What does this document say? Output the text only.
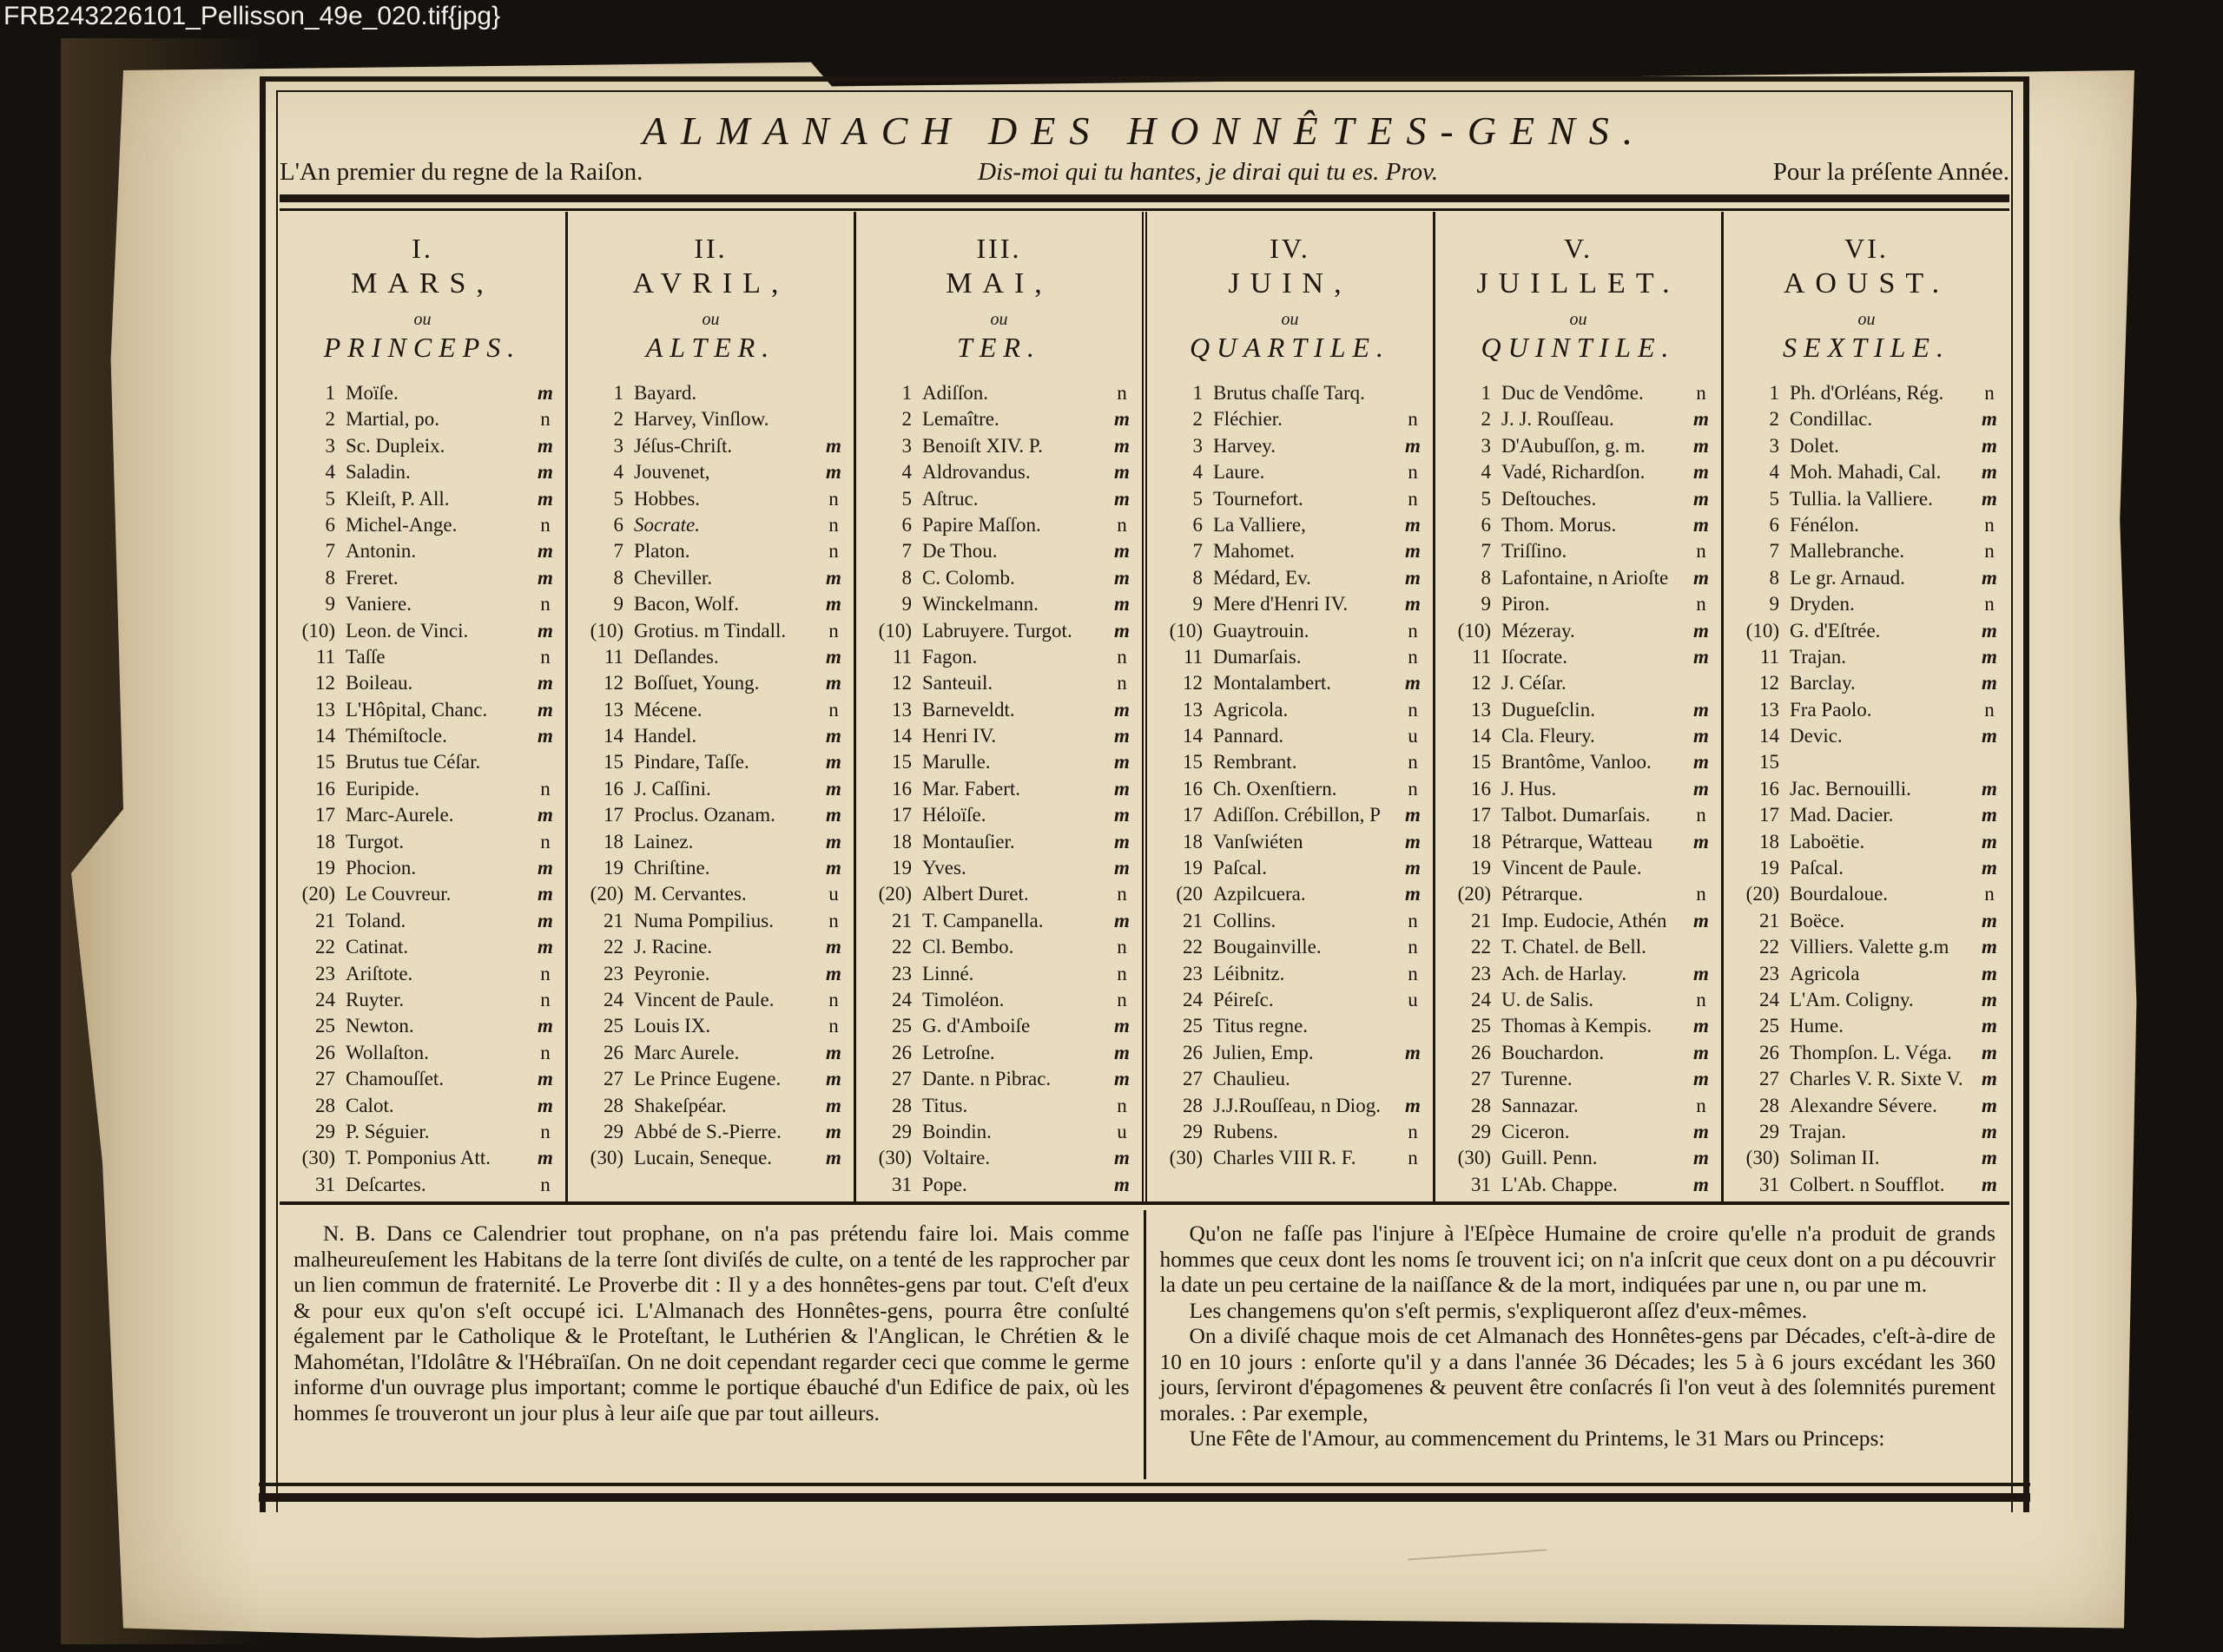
FRB243226101_Pellisson_49e_020.tif{jpg}
ALMANACH DES HONNÊTES-GENS.
L'An premier du regne de la Raiſon.	Dis-moi qui tu hantes, je dirai qui tu es. Prov.	Pour la préſente Année.
I.
MARS,
ou
PRINCEPS.
1 Moïſe.	m
2 Martial, po.	n
3 Sc. Dupleix.	m
4 Saladin.	m
5 Kleiſt, P. All.	m
6 Michel-Ange.	n
7 Antonin.	m
8 Freret.	m
9 Vaniere.	n
(10) Leon. de Vinci.	m
11 Taſſe	n
12 Boileau.	m
13 L'Hôpital, Chanc.	m
14 Thémiſtocle.	m
15 Brutus tue Céſar.
16 Euripide.	n
17 Marc-Aurele.	m
18 Turgot.	n
19 Phocion.	m
(20) Le Couvreur.	m
21 Toland.	m
22 Catinat.	m
23 Ariſtote.	n
24 Ruyter.	n
25 Newton.	m
26 Wollaſton.	n
27 Chamouſſet.	m
28 Calot.	m
29 P. Séguier.	n
(30) T. Pomponius Att.	m
31 Deſcartes.	n
II.
AVRIL,
ou
ALTER.
1 Bayard.
2 Harvey, Vinſlow.
3 Jéſus-Chriſt.	m
4 Jouvenet,	m
5 Hobbes.	n
6 Socrate.	n
7 Platon.	n
8 Cheviller.	m
9 Bacon, Wolf.	m
(10) Grotius. m Tindall.	n
11 Deſlandes.	m
12 Boſſuet, Young.	m
13 Mécene.	n
14 Handel.	m
15 Pindare, Taſſe.	m
16 J. Caſſini.	m
17 Proclus. Ozanam.	m
18 Lainez.	m
19 Chriſtine.	m
(20) M. Cervantes.	u
21 Numa Pompilius.	n
22 J. Racine.	m
23 Peyronie.	m
24 Vincent de Paule.	n
25 Louis IX.	n
26 Marc Aurele.	m
27 Le Prince Eugene.	m
28 Shakeſpéar.	m
29 Abbé de S.-Pierre.	m
(30) Lucain, Seneque.	m
III.
MAI,
ou
TER.
1 Adiſſon.	n
2 Lemaître.	m
3 Benoiſt XIV. P.	m
4 Aldrovandus.	m
5 Aſtruc.	m
6 Papire Maſſon.	n
7 De Thou.	m
8 C. Colomb.	m
9 Winckelmann.	m
(10) Labruyere. Turgot.	m
11 Fagon.	n
12 Santeuil.	n
13 Barneveldt.	m
14 Henri IV.	m
15 Marulle.	m
16 Mar. Fabert.	m
17 Héloïſe.	m
18 Montauſier.	m
19 Yves.	m
(20) Albert Duret.	n
21 T. Campanella.	m
22 Cl. Bembo.	n
23 Linné.	n
24 Timoléon.	n
25 G. d'Amboiſe	m
26 Letroſne.	m
27 Dante. n Pibrac.	m
28 Titus.	n
29 Boindin.	u
(30) Voltaire.	m
31 Pope.	m
IV.
JUIN,
ou
QUARTILE.
1 Brutus chaſſe Tarq.
2 Fléchier.	n
3 Harvey.	m
4 Laure.	n
5 Tournefort.	n
6 La Valliere,	m
7 Mahomet.	m
8 Médard, Ev.	m
9 Mere d'Henri IV.	m
(10) Guaytrouin.	n
11 Dumarſais.	n
12 Montalambert.	m
13 Agricola.	n
14 Pannard.	u
15 Rembrant.	n
16 Ch. Oxenſtiern.	n
17 Adiſſon. Crébillon, P	m
18 Vanſwiéten	m
19 Paſcal.	m
(20 Azpilcuera.	m
21 Collins.	n
22 Bougainville.	n
23 Léibnitz.	n
24 Péireſc.	u
25 Titus regne.
26 Julien, Emp.	m
27 Chaulieu.
28 J.J.Rouſſeau, n Diog.	m
29 Rubens.	n
(30) Charles VIII R. F.	n
V.
JUILLET.
ou
QUINTILE.
1 Duc de Vendôme.	n
2 J. J. Rouſſeau.	m
3 D'Aubuſſon, g. m.	m
4 Vadé, Richardſon.	m
5 Deſtouches.	m
6 Thom. Morus.	m
7 Triſſino.	n
8 Lafontaine, n Arioſte	m
9 Piron.	n
(10) Mézeray.	m
11 Iſocrate.	m
12 J. Céſar.
13 Dugueſclin.	m
14 Cla. Fleury.	m
15 Brantôme, Vanloo.	m
16 J. Hus.	m
17 Talbot. Dumarſais.	n
18 Pétrarque, Watteau	m
19 Vincent de Paule.
(20) Pétrarque.	n
21 Imp. Eudocie, Athén	m
22 T. Chatel. de Bell.
23 Ach. de Harlay.	m
24 U. de Salis.	n
25 Thomas à Kempis.	m
26 Bouchardon.	m
27 Turenne.	m
28 Sannazar.	n
29 Ciceron.	m
(30) Guill. Penn.	m
31 L'Ab. Chappe.	m
VI.
AOUST.
ou
SEXTILE.
1 Ph. d'Orléans, Rég.	n
2 Condillac.	m
3 Dolet.	m
4 Moh. Mahadi, Cal.	m
5 Tullia. la Valliere.	m
6 Fénélon.	n
7 Mallebranche.	n
8 Le gr. Arnaud.	m
9 Dryden.	n
(10) G. d'Eſtrée.	m
11 Trajan.	m
12 Barclay.	m
13 Fra Paolo.	n
14 Devic.	m
15
16 Jac. Bernouilli.	m
17 Mad. Dacier.	m
18 Laboëtie.	m
19 Paſcal.	m
(20) Bourdaloue.	n
21 Boëce.	m
22 Villiers. Valette g.m	m
23 Agricola	m
24 L'Am. Coligny.	m
25 Hume.	m
26 Thompſon. L. Véga.	m
27 Charles V. R. Sixte V. m
28 Alexandre Sévere.	m
29 Trajan.	m
(30) Soliman II.	m
31 Colbert. n Soufflot.	m

N. B. Dans ce Calendrier tout prophane, on n'a pas prétendu faire loi. Mais comme malheureuſement les Habitans de la terre ſont diviſés de culte, on a tenté de les rapprocher par un lien commun de fraternité. Le Proverbe dit : Il y a des honnêtes-gens par tout. C'eſt d'eux & pour eux qu'on s'eſt occupé ici. L'Almanach des Honnêtes-gens, pourra être conſulté également par le Catholique & le Proteſtant, le Luthérien & l'Anglican, le Chrétien & le Mahométan, l'Idolâtre & l'Hébraïſan. On ne doit cependant regarder ceci que comme le germe informe d'un ouvrage plus important; comme le portique ébauché d'un Edifice de paix, où les hommes ſe trouveront un jour plus à leur aiſe que par tout ailleurs.

Qu'on ne faſſe pas l'injure à l'Eſpèce Humaine de croire qu'elle n'a produit de grands hommes que ceux dont les noms ſe trouvent ici; on n'a inſcrit que ceux dont on a pu découvrir la date un peu certaine de la naiſſance & de la mort, indiquées par une n, ou par une m.

Les changemens qu'on s'eſt permis, s'expliqueront aſſez d'eux-mêmes.

On a diviſé chaque mois de cet Almanach des Honnêtes-gens par Décades, c'eſt-à-dire de 10 en 10 jours : enſorte qu'il y a dans l'année 36 Décades; les 5 à 6 jours excédant les 360 jours, ſerviront d'épagomenes & peuvent être conſacrés ſi l'on veut à des ſolemnités purement morales. : Par exemple,

Une Fête de l'Amour, au commencement du Printems, le 31 Mars ou Princeps:
